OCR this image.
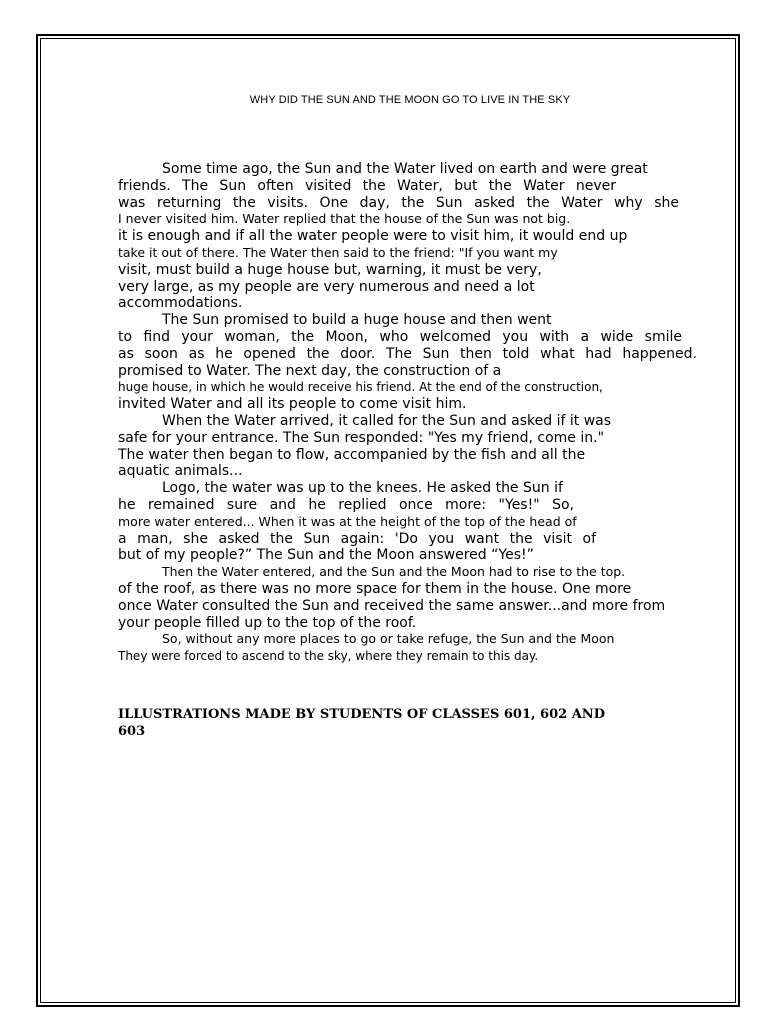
WHY DID THE SUN AND THE MOON GO TO LIVE IN THE SKY
Some time ago, the Sun and the Water lived on earth and were great
friends. The Sun often visited the Water, but the Water never
was returning the visits. One day, the Sun asked the Water why she
I never visited him. Water replied that the house of the Sun was not big.
it is enough and if all the water people were to visit him, it would end up
take it out of there. The Water then said to the friend: "If you want my
visit, must build a huge house but, warning, it must be very,
very large, as my people are very numerous and need a lot
accommodations.
The Sun promised to build a huge house and then went
to find your woman, the Moon, who welcomed you with a wide smile
as soon as he opened the door. The Sun then told what had happened.
promised to Water. The next day, the construction of a
huge house, in which he would receive his friend. At the end of the construction,
invited Water and all its people to come visit him.
When the Water arrived, it called for the Sun and asked if it was
safe for your entrance. The Sun responded: "Yes my friend, come in."
The water then began to flow, accompanied by the fish and all the
aquatic animals...
Logo, the water was up to the knees. He asked the Sun if
he remained sure and he replied once more: "Yes!" So,
more water entered... When it was at the height of the top of the head of
a man, she asked the Sun again: 'Do you want the visit of
but of my people?” The Sun and the Moon answered “Yes!”
Then the Water entered, and the Sun and the Moon had to rise to the top.
of the roof, as there was no more space for them in the house. One more
once Water consulted the Sun and received the same answer...and more from
your people filled up to the top of the roof.
So, without any more places to go or take refuge, the Sun and the Moon
They were forced to ascend to the sky, where they remain to this day.
ILLUSTRATIONS MADE BY STUDENTS OF CLASSES 601, 602 AND
603
